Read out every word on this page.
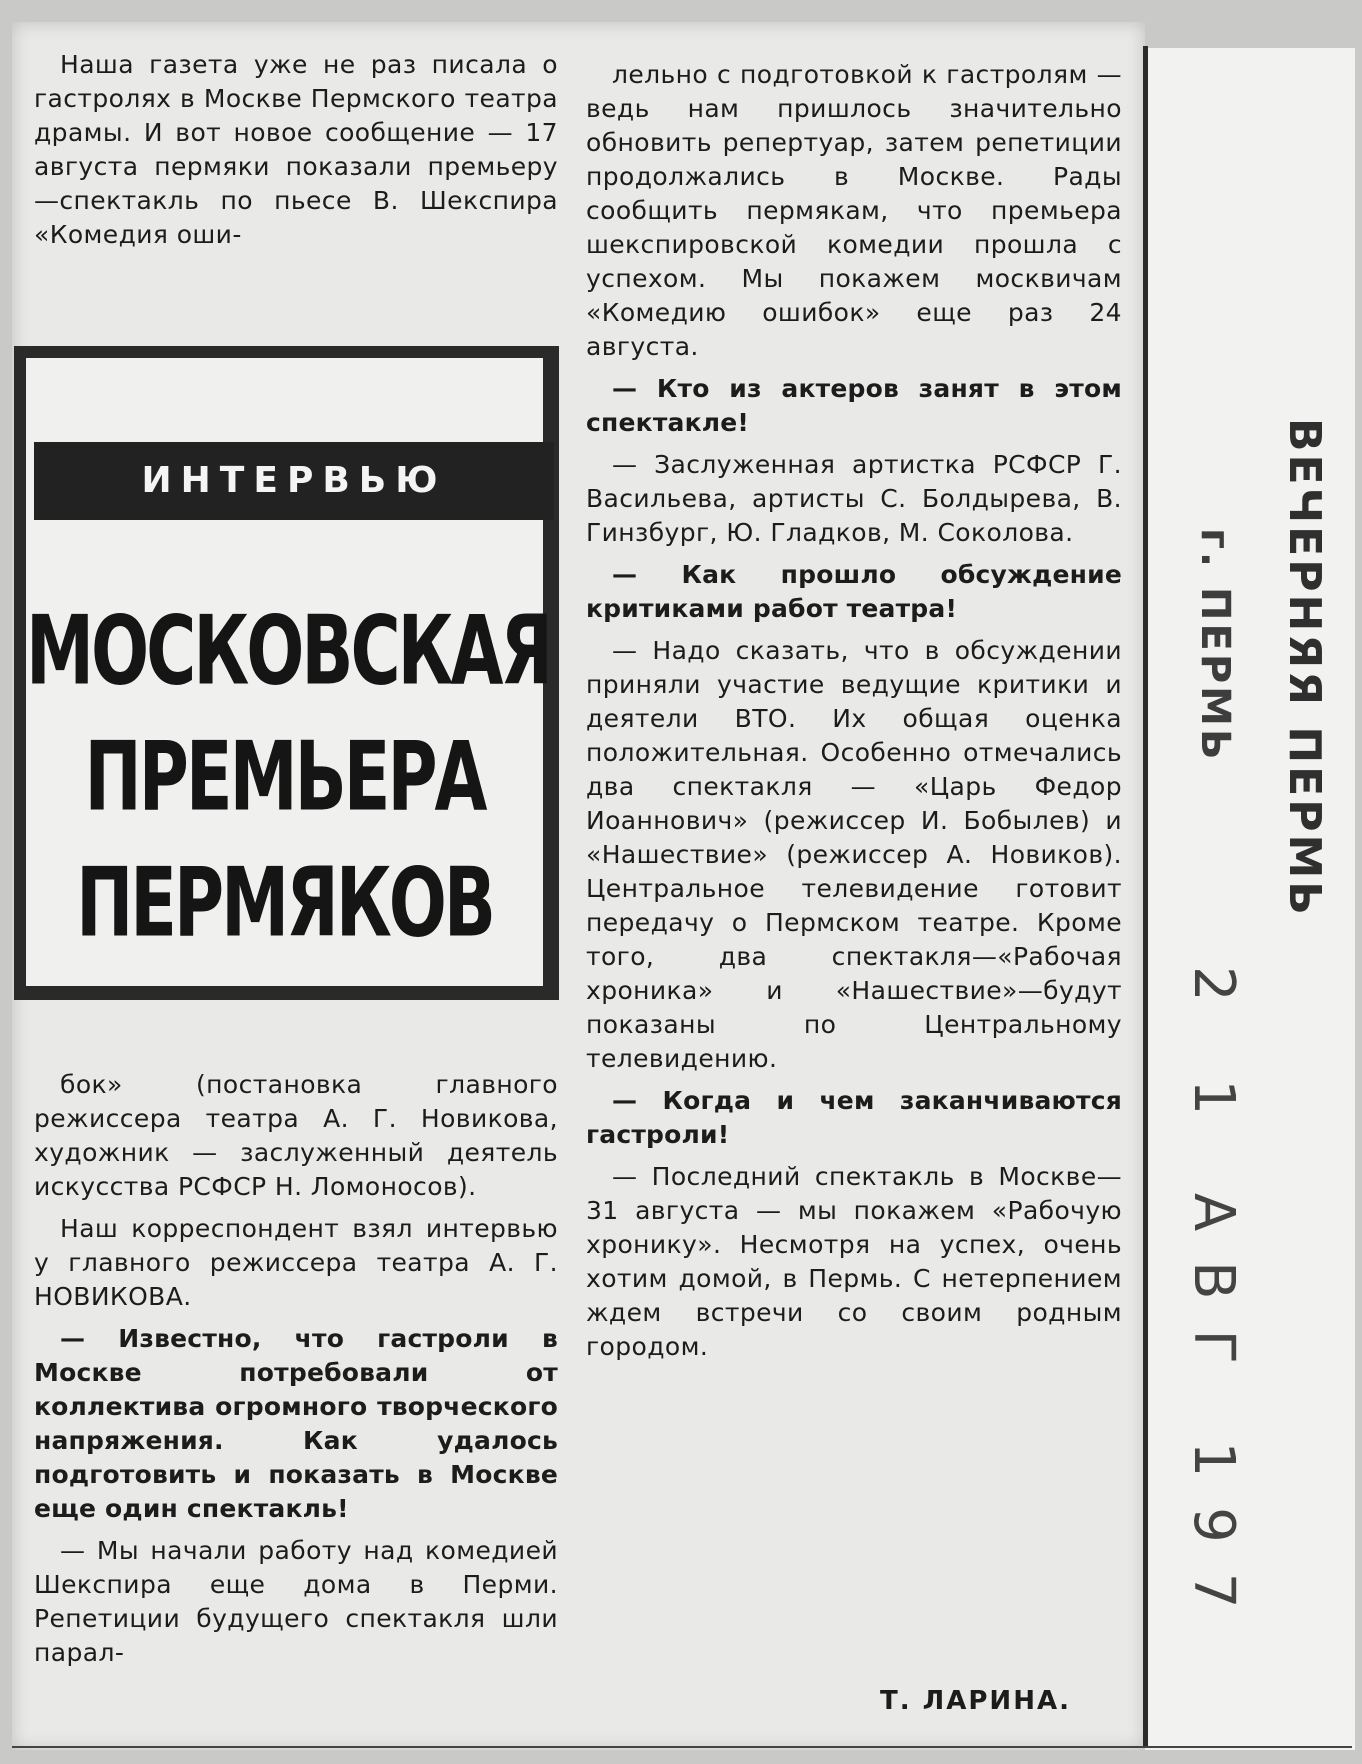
Наша газета уже не раз писала о гастролях в Москве Пермского театра драмы. И вот новое сообщение — 17 августа пермяки показали премьеру—спектакль по пьесе В. Шекспира «Комедия оши-

ИНТЕРВЬЮ
МОСКОВСКАЯ
ПРЕМЬЕРА
ПЕРМЯКОВ

бок» (постановка главного режиссера театра А. Г. Новикова, художник — заслуженный деятель искусства РСФСР Н. Ломоносов).

Наш корреспондент взял интервью у главного режиссера театра А. Г. НОВИКОВА.

— Известно, что гастроли в Москве потребовали от коллектива огромного творческого напряжения. Как удалось подготовить и показать в Москве еще один спектакль!

— Мы начали работу над комедией Шекспира еще дома в Перми. Репетиции будущего спектакля шли парал-

лельно с подготовкой к гастролям — ведь нам пришлось значительно обновить репертуар, затем репетиции продолжались в Москве. Рады сообщить пермякам, что премьера шекспировской комедии прошла с успехом. Мы покажем москвичам «Комедию ошибок» еще раз 24 августа.

— Кто из актеров занят в этом спектакле!

— Заслуженная артистка РСФСР Г. Васильева, артисты С. Болдырева, В. Гинзбург, Ю. Гладков, М. Соколова.

— Как прошло обсуждение критиками работ театра!

— Надо сказать, что в обсуждении приняли участие ведущие критики и деятели ВТО. Их общая оценка положительная. Особенно отмечались два спектакля — «Царь Федор Иоаннович» (режиссер И. Бобылев) и «Нашествие» (режиссер А. Новиков). Центральное телевидение готовит передачу о Пермском театре. Кроме того, два спектакля—«Рабочая хроника» и «Нашествие»—будут показаны по Центральному телевидению.

— Когда и чем заканчиваются гастроли!

— Последний спектакль в Москве—31 августа — мы покажем «Рабочую хронику». Несмотря на успех, очень хотим домой, в Пермь. С нетерпением ждем встречи со своим родным городом.

Т. ЛАРИНА.
ВЕЧЕРНЯЯ ПЕРМЬ
г. ПЕРМЬ
2 1 АВГ 197
